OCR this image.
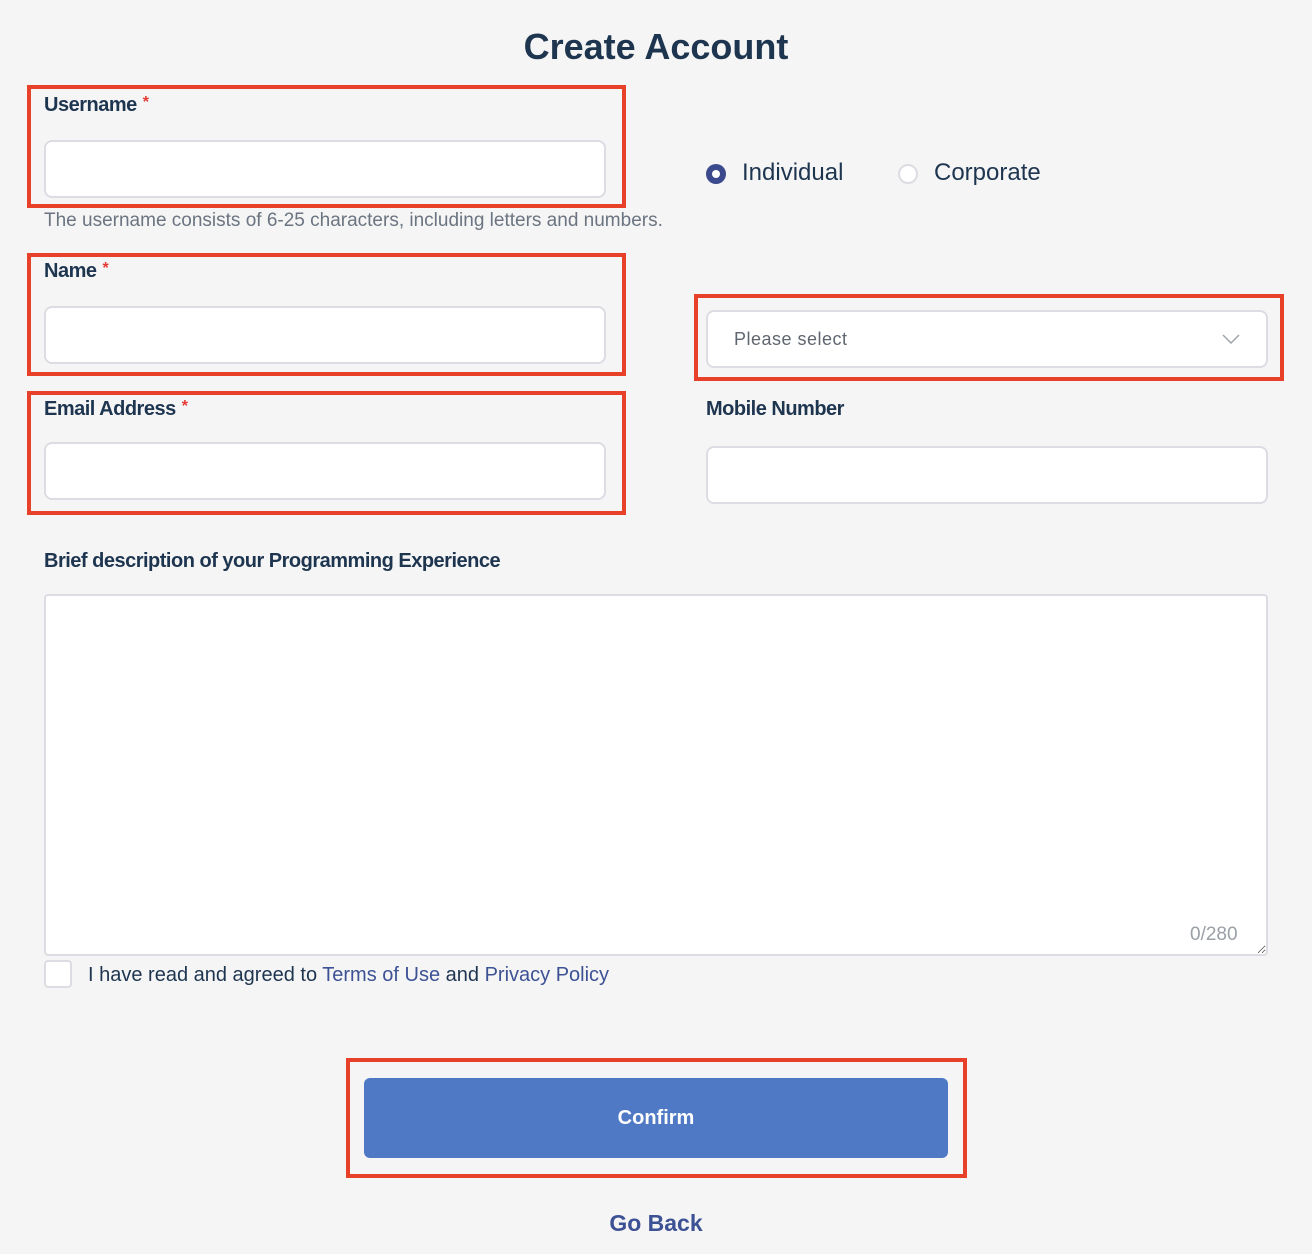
Create Account
Username *
The username consists of 6-25 characters, including letters and numbers.
Individual	Corporate
Name *
Please select
Email Address *	Mobile Number
Brief description of your Programming Experience
0/280
I have read and agreed to Terms of Use and Privacy Policy
Confirm
Go Back
